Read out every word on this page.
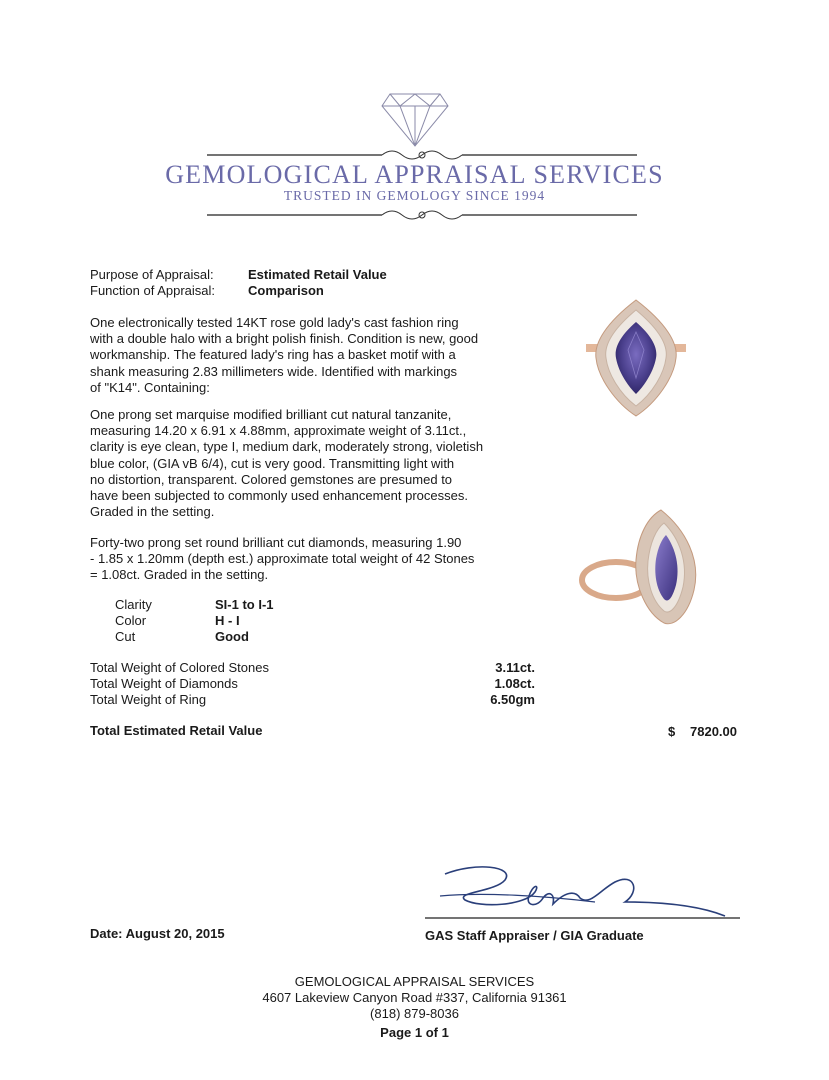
GEMOLOGICAL APPRAISAL SERVICES
TRUSTED IN GEMOLOGY SINCE 1994
Purpose of Appraisal:	Estimated Retail Value
Function of Appraisal:	Comparison
One electronically tested 14KT rose gold lady's cast fashion ring
with a double halo with a bright polish finish. Condition is new, good
workmanship. The featured lady's ring has a basket motif with a
shank measuring 2.83 millimeters wide. Identified with markings
of "K14". Containing:
One prong set marquise modified brilliant cut natural tanzanite,
measuring 14.20 x 6.91 x 4.88mm, approximate weight of 3.11ct.,
clarity is eye clean, type I, medium dark, moderately strong, violetish
blue color, (GIA vB 6/4), cut is very good. Transmitting light with
no distortion, transparent. Colored gemstones are presumed to
have been subjected to commonly used enhancement processes.
Graded in the setting.
Forty-two prong set round brilliant cut diamonds, measuring 1.90
- 1.85 x 1.20mm (depth est.) approximate total weight of 42 Stones
= 1.08ct. Graded in the setting.
Clarity	SI-1 to I-1
Color	H - I
Cut	Good
Total Weight of Colored Stones	3.11ct.
Total Weight of Diamonds	1.08ct.
Total Weight of Ring	6.50gm
Total Estimated Retail Value	$ 7820.00
Date: August 20, 2015	GAS Staff Appraiser / GIA Graduate
GEMOLOGICAL APPRAISAL SERVICES
4607 Lakeview Canyon Road #337, California 91361
(818) 879-8036
Page 1 of 1
